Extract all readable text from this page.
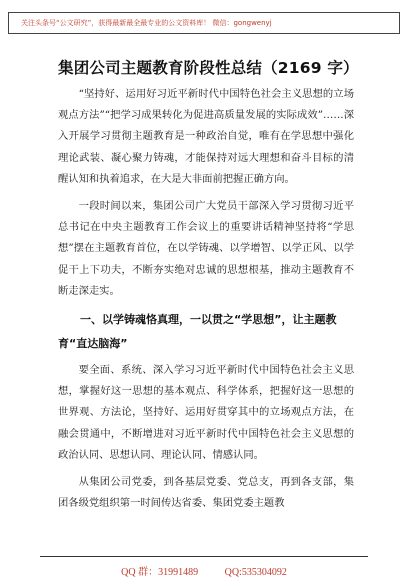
关注头条号“公文研究”，获得最新最全最专业的公文资料库！ 微信：gongwenyj
集团公司主题教育阶段性总结（2169 字）

“坚持好、运用好习近平新时代中国特色社会主义思想的立场观点方法”“把学习成果转化为促进高质量发展的实际成效”……深入开展学习贯彻主题教育是一种政治自觉，唯有在学思想中强化理论武装、凝心聚力铸魂，才能保持对远大理想和奋斗目标的清醒认知和执着追求，在大是大非面前把握正确方向。

一段时间以来，集团公司广大党员干部深入学习贯彻习近平总书记在中央主题教育工作会议上的重要讲话精神坚持将“学思想”摆在主题教育首位，在以学铸魂、以学增智、以学正风、以学促干上下功夫，不断夯实绝对忠诚的思想根基，推动主题教育不断走深走实。

一、以学铸魂恪真理，一以贯之“学思想”，让主题教育“直达脑海”

要全面、系统、深入学习习近平新时代中国特色社会主义思想，掌握好这一思想的基本观点、科学体系，把握好这一思想的世界观、方法论，坚持好、运用好贯穿其中的立场观点方法，在融会贯通中，不断增进对习近平新时代中国特色社会主义思想的政治认同、思想认同、理论认同、情感认同。

从集团公司党委，到各基层党委、党总支，再到各支部，集团各级党组织第一时间传达省委、集团党委主题教

QQ 群：31991489	QQ:535304092
